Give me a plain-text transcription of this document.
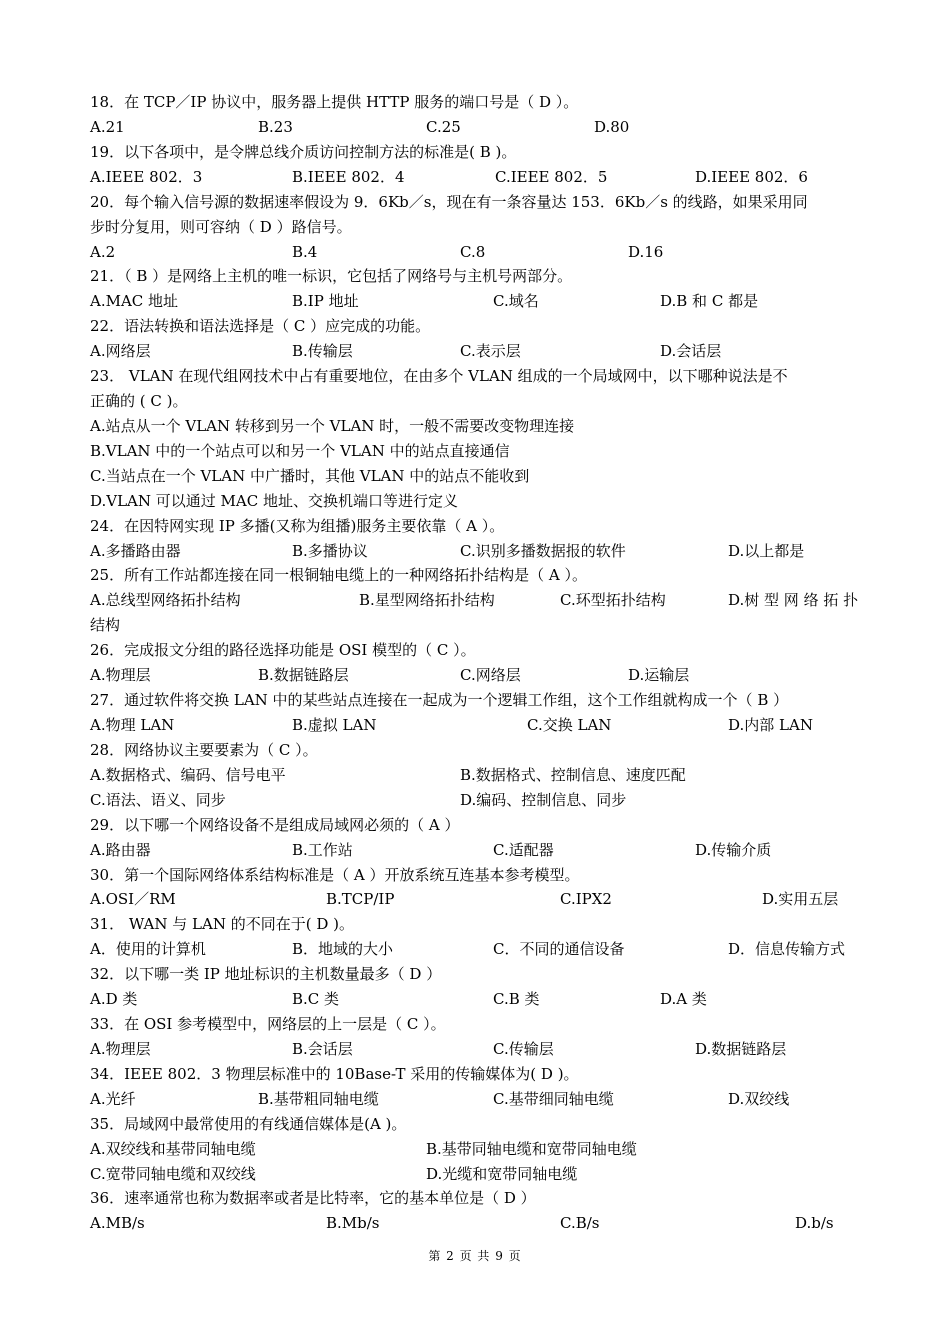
18．在 TCP／IP 协议中，服务器上提供 HTTP 服务的端口号是（ D ）。
A.21	B.23	C.25	D.80
19．以下各项中，是令牌总线介质访问控制方法的标准是( B )。
A.IEEE 802．3	B.IEEE 802．4	C.IEEE 802．5	D.IEEE 802．6
20．每个输入信号源的数据速率假设为 9．6Kb／s，现在有一条容量达 153．6Kb／s 的线路，如果采用同
步时分复用，则可容纳（ D ）路信号。
A.2	B.4	C.8	D.16
21．（ B ）是网络上主机的唯一标识，它包括了网络号与主机号两部分。
A.MAC 地址	B.IP 地址	C.域名	D.B 和 C 都是
22．语法转换和语法选择是（ C ）应完成的功能。
A.网络层	B.传输层	C.表示层	D.会话层
23． VLAN 在现代组网技术中占有重要地位，在由多个 VLAN 组成的一个局域网中，以下哪种说法是不
正确的 ( C )。
A.站点从一个 VLAN 转移到另一个 VLAN 时，一般不需要改变物理连接
B.VLAN 中的一个站点可以和另一个 VLAN 中的站点直接通信
C.当站点在一个 VLAN 中广播时，其他 VLAN 中的站点不能收到
D.VLAN 可以通过 MAC 地址、交换机端口等进行定义
24．在因特网实现 IP 多播(又称为组播)服务主要依靠（ A ）。
A.多播路由器	B.多播协议	C.识别多播数据报的软件	D.以上都是
25．所有工作站都连接在同一根铜轴电缆上的一种网络拓扑结构是（ A ）。
A.总线型网络拓扑结构	B.星型网络拓扑结构	C.环型拓扑结构	D.树 型 网 络 拓 扑
结构
26．完成报文分组的路径选择功能是 OSI 模型的（ C ）。
A.物理层	B.数据链路层	C.网络层	D.运输层
27．通过软件将交换 LAN 中的某些站点连接在一起成为一个逻辑工作组，这个工作组就构成一个（ B ）
A.物理 LAN	B.虚拟 LAN	C.交换 LAN	D.内部 LAN
28．网络协议主要要素为（ C ）。
A.数据格式、编码、信号电平	B.数据格式、控制信息、速度匹配
C.语法、语义、同步	D.编码、控制信息、同步
29．以下哪一个网络设备不是组成局域网必须的（ A ）
A.路由器	B.工作站	C.适配器	D.传输介质
30．第一个国际网络体系结构标准是（ A ）开放系统互连基本参考模型。
A.OSI／RM	B.TCP/IP	C.IPX2	D.实用五层
31． WAN 与 LAN 的不同在于( D )。
A．使用的计算机	B．地域的大小	C．不同的通信设备	D．信息传输方式
32．以下哪一类 IP 地址标识的主机数量最多（ D ）
A.D 类	B.C 类	C.B 类	D.A 类
33．在 OSI 参考模型中，网络层的上一层是（ C ）。
A.物理层	B.会话层	C.传输层	D.数据链路层
34．IEEE 802．3 物理层标准中的 10Base-T 采用的传输媒体为( D )。
A.光纤	B.基带粗同轴电缆	C.基带细同轴电缆	D.双绞线
35．局域网中最常使用的有线通信媒体是(A )。
A.双绞线和基带同轴电缆	B.基带同轴电缆和宽带同轴电缆
C.宽带同轴电缆和双绞线	D.光缆和宽带同轴电缆
36．速率通常也称为数据率或者是比特率，它的基本单位是（ D ）
A.MB/s	B.Mb/s	C.B/s	D.b/s
第 2 页 共 9 页
